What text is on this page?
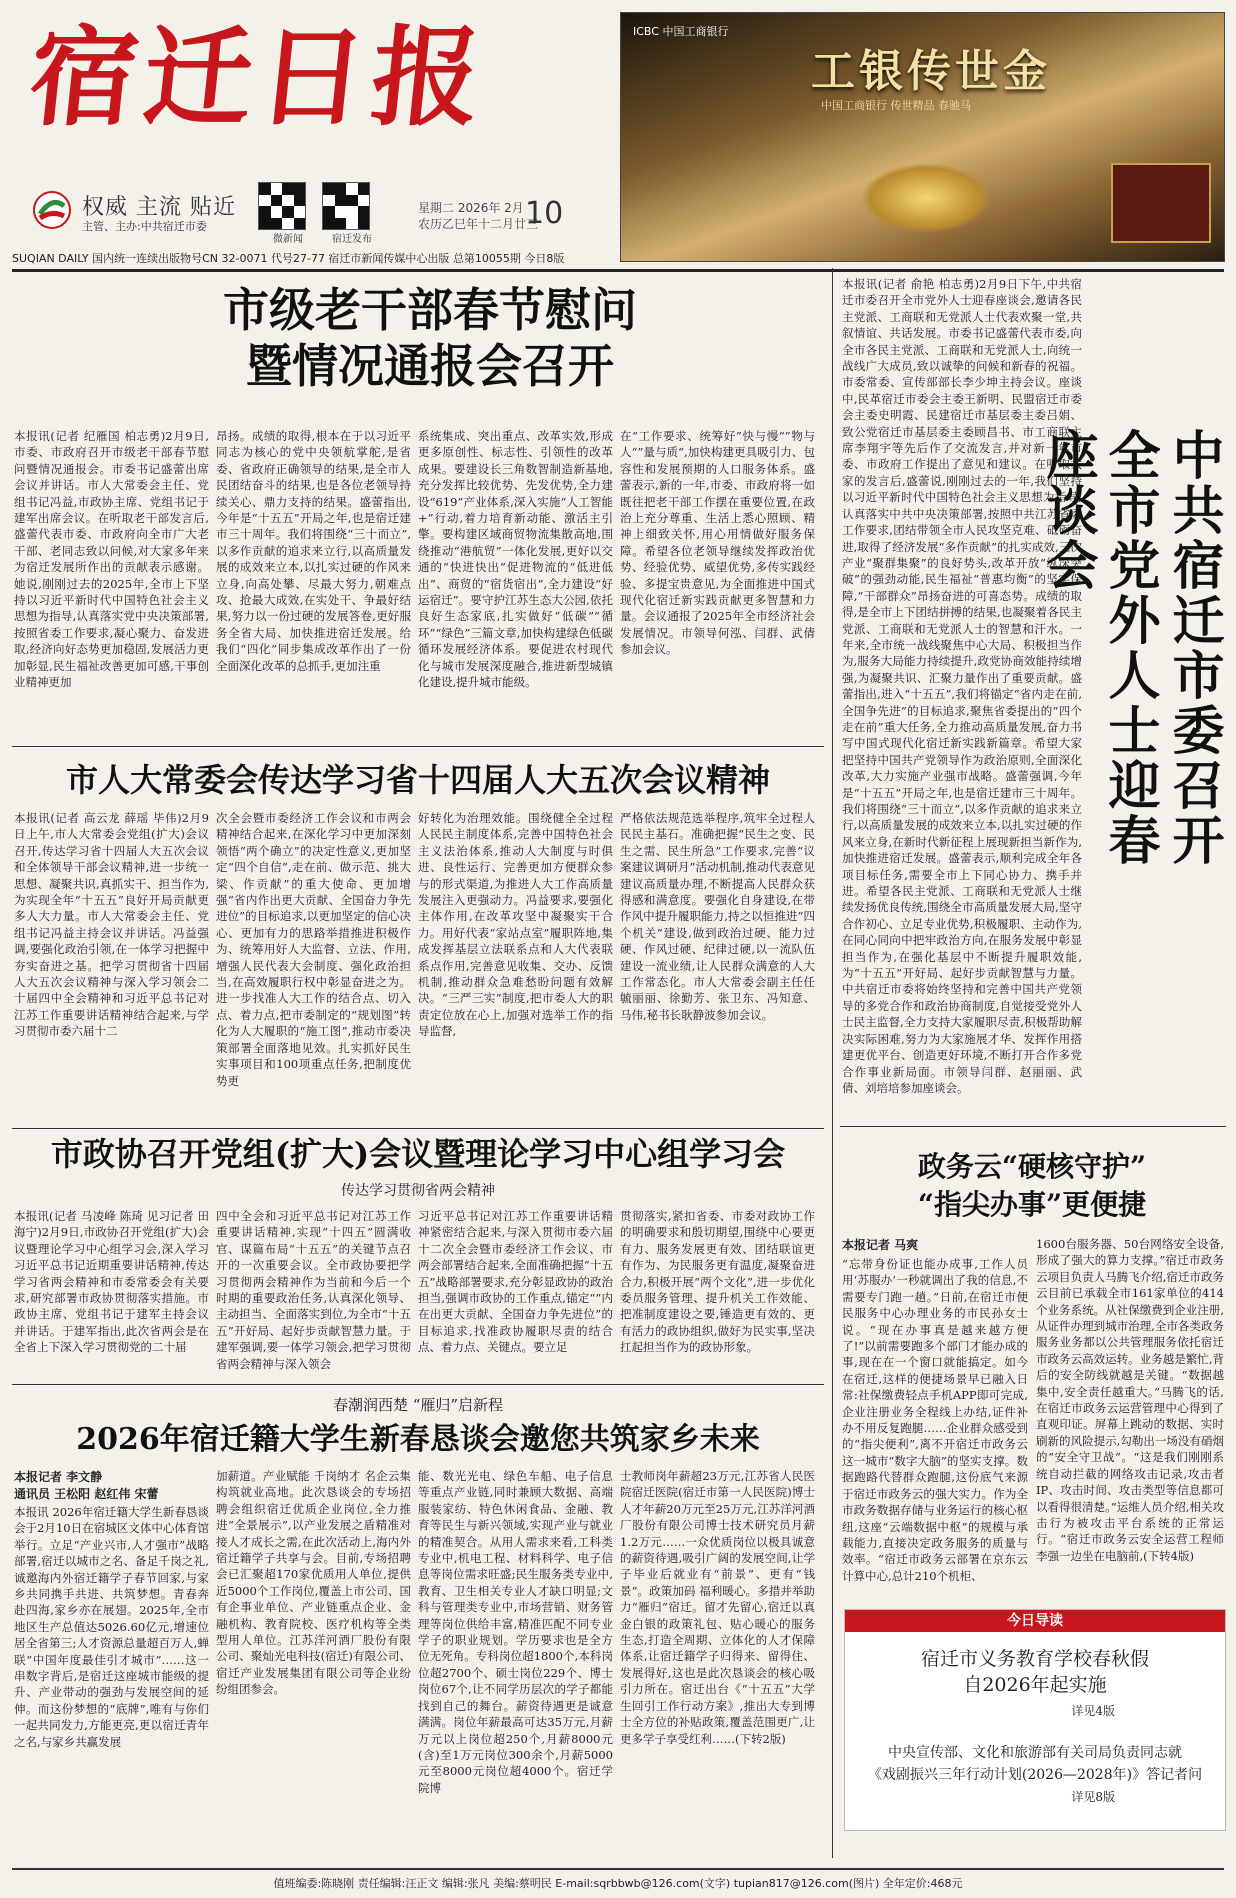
宿迁日报
权威 主流 贴近
主管、主办:中共宿迁市委
微新闻	宿迁发布
星期二 2026年 2月
农历乙巳年十二月廿三
10
ICBC 中国工商银行
工银传世金
中国工商银行 传世精品 春驰马
SUQIAN DAILY 国内统一连续出版物号CN 32-0071 代号27-77 宿迁市新闻传媒中心出版 总第10055期 今日8版
市级老干部春节慰问
暨情况通报会召开
本报讯(记者 纪雁国 柏志勇)2月9日,市委、市政府召开市级老干部春节慰问暨情况通报会。市委书记盛蕾出席会议并讲话。市人大常委会主任、党组书记冯益,市政协主席、党组书记于建军出席会议。在听取老干部发言后,盛蕾代表市委、市政府向全市广大老干部、老同志致以问候,对大家多年来为宿迁发展所作出的贡献表示感谢。她说,刚刚过去的2025年,全市上下坚持以习近平新时代中国特色社会主义思想为指导,认真落实党中央决策部署,按照省委工作要求,凝心聚力、奋发进取,经济向好态势更加稳固,发展活力更加彰显,民生福祉改善更加可感,干事创业精神更加
昂扬。成绩的取得,根本在于以习近平同志为核心的党中央领航掌舵,是省委、省政府正确领导的结果,是全市人民团结奋斗的结果,也是各位老领导持续关心、鼎力支持的结果。盛蕾指出,今年是“十五五”开局之年,也是宿迁建市三十周年。我们将围绕“三十而立”,以多作贡献的追求来立行,以高质量发展的成效来立本,以扎实过硬的作风来立身,向高处攀、尽最大努力,朝难点攻、抢最大成效,在实处干、争最好结果,努力以一份过硬的发展答卷,更好服务全省大局、加快推进宿迁发展。给我们“四化”同步集成改革作出了一份全面深化改革的总抓手,更加注重
系统集成、突出重点、改革实效,形成更多原创性、标志性、引领性的改革成果。要建设长三角数智制造新基地,充分发挥比较优势、先发优势,全力建设“619”产业体系,深入实施“人工智能+”行动,着力培育新动能、激活主引擎。要构建区域商贸物流集散高地,围绕推动“港航贸”一体化发展,更好以交通的“快进快出”促进物流的“低进低出”、商贸的“宿货宿出”,全力建设“好运宿迁”。要守护江苏生态大公园,依托良好生态家底,扎实做好“低碳”“循环”“绿色”三篇文章,加快构建绿色低碳循环发展经济体系。要促进农村现代化与城市发展深度融合,推进新型城镇化建设,提升城市能级。
在“工作要求、统筹好”快与慢“”物与人“”量与质“,加快构建更具吸引力、包容性和发展预期的人口服务体系。盛蕾表示,新的一年,市委、市政府将一如既往把老干部工作摆在重要位置,在政治上充分尊重、生活上悉心照顾、精神上细致关怀,用心用情做好服务保障。希望各位老领导继续发挥政治优势、经验优势、威望优势,多传实践经验、多提宝贵意见,为全面推进中国式现代化宿迁新实践贡献更多智慧和力量。会议通报了2025年全市经济社会发展情况。市领导何泓、闫群、武倩参加会议。
市人大常委会传达学习省十四届人大五次会议精神
本报讯(记者 高云龙 薛瑶 毕伟)2月9日上午,市人大常委会党组(扩大)会议召开,传达学习省十四届人大五次会议和全体领导干部会议精神,进一步统一思想、凝聚共识,真抓实干、担当作为,为实现全年“十五五”良好开局贡献更多人大力量。市人大常委会主任、党组书记冯益主持会议并讲话。冯益强调,要强化政治引领,在一体学习把握中夯实奋进之基。把学习贯彻省十四届人大五次会议精神与深入学习领会二十届四中全会精神和习近平总书记对江苏工作重要讲话精神结合起来,与学习贯彻市委六届十二
次全会暨市委经济工作会议和市两会精神结合起来,在深化学习中更加深刻领悟“两个确立”的决定性意义,更加坚定“四个自信”,走在前、做示范、挑大梁、作贡献”的重大使命、更加增强“省内作出更大贡献、全国奋力争先进位”的目标追求,以更加坚定的信心决心、更加有力的思路举措推进积极作为、统筹用好人大监督、立法、作用,增强人民代表大会制度、强化政治担当,在高效履职行权中彰显奋进之为。进一步找准人大工作的结合点、切入点、着力点,把市委制定的“规划图”转化为人大履职的“施工图”,推动市委决策部署全面落地见效。扎实抓好民生实事项目和100项重点任务,把制度优势更
好转化为治理效能。围绕健全全过程人民民主制度体系,完善中国特色社会主义法治体系,推动人大制度与时俱进、良性运行、完善更加方便群众参与的形式渠道,为推进人大工作高质量发展注入更强动力。冯益要求,要强化主体作用,在改革攻坚中凝聚实干合力。用好代表“家站点室”履职阵地,集成发挥基层立法联系点和人大代表联系点作用,完善意见收集、交办、反馈机制,推动群众急难愁盼问题有效解决。“三严三实”制度,把市委人大的职责定位放在心上,加强对选举工作的指导监督,
严格依法规范选举程序,筑牢全过程人民民主基石。准确把握“民生之变、民生之需、民生所急”工作要求,完善“议案建议调研月”活动机制,推动代表意见建议高质量办理,不断提高人民群众获得感和满意度。要强化自身建设,在带作风中提升履职能力,持之以恒推进“四个机关”建设,做到政治过硬、能力过硬、作风过硬、纪律过硬,以一流队伍建设一流业绩,让人民群众满意的人大工作常态化。市人大常委会副主任任毓丽丽、徐勤芳、张卫东、冯知意、马伟,秘书长耿静波参加会议。
市政协召开党组(扩大)会议暨理论学习中心组学习会
传达学习贯彻省两会精神
本报讯(记者 马凌峰 陈琦 见习记者 田海宁)2月9日,市政协召开党组(扩大)会议暨理论学习中心组学习会,深入学习习近平总书记近期重要讲话精神,传达学习省两会精神和市委常委会有关要求,研究部署市政协贯彻落实措施。市政协主席、党组书记于建军主持会议并讲话。于建军指出,此次省两会是在全省上下深入学习贯彻党的二十届
四中全会和习近平总书记对江苏工作重要讲话精神,实现“十四五”圆满收官、谋篇布局“十五五”的关键节点召开的一次重要会议。全市政协要把学习贯彻两会精神作为当前和今后一个时期的重要政治任务,认真深化领导、主动担当、全面落实到位,为全市“十五五”开好局、起好步贡献智慧力量。于建军强调,要一体学习领会,把学习贯彻省两会精神与深入领会
习近平总书记对江苏工作重要讲话精神紧密结合起来,与深入贯彻市委六届十二次全会暨市委经济工作会议、市两会部署结合起来,全面准确把握“十五五”战略部署要求,充分彰显政协的政治担当,强调市政协的工作重点,锚定“”内在出更大贡献、全国奋力争先进位”的目标追求,找准政协履职尽责的结合点、着力点、关键点。要立足
贯彻落实,紧扣省委、市委对政协工作的明确要求和殷切期望,围绕中心要更有力、服务发展更有效、团结联谊更有作为、为民服务更有温度,凝聚奋进合力,积极开展“两个文化”,进一步优化委员服务管理、提升机关工作效能、把准制度建设之要,锤造更有效的、更有活力的政协组织,做好为民实事,坚决扛起担当作为的政协形象。
春潮润西楚 “雁归”启新程
2026年宿迁籍大学生新春恳谈会邀您共筑家乡未来
本报记者 李文静
通讯员 王松阳 赵红伟 宋蕾
本报讯 2026年宿迁籍大学生新春恳谈会于2月10日在宿城区文体中心体育馆举行。立足“产业兴市,人才强市”战略部署,宿迁以城市之名、备足千岗之礼,诚邀海内外宿迁籍学子春节回家,与家乡共同携手共进、共筑梦想。青春奔赴四海,家乡亦在展翅。2025年,全市地区生产总值达5026.60亿元,增速位居全省第三;人才资源总量超百万人,蝉联“中国年度最佳引才城市”……这一串数字背后,是宿迁这座城市能级的提升、产业带动的强劲与发展空间的延伸。而这份梦想的“底牌”,唯有与你们一起共同发力,方能更亮,更以宿迁青年之名,与家乡共赢发展
加薪道。产业赋能 千岗纳才 名企云集构筑就业高地。此次恳谈会的专场招聘会组织宿迁优质企业岗位,全力推进“全景展示”,以产业发展之盾精准对接人才成长之需,在此次活动上,海内外宿迁籍学子共享与会。目前,专场招聘会已汇聚超170家优质用人单位,提供近5000个工作岗位,覆盖上市公司、国有企事业单位、产业链重点企业、金融机构、教育院校、医疗机构等全类型用人单位。江苏洋河酒厂股份有限公司、聚灿光电科技(宿迁)有限公司、宿迁产业发展集团有限公司等企业纷纷组团参会。
能、数光光电、绿色车船、电子信息等重点产业链,同时兼顾大数据、高端服装家纺、特色休闲食品、金融、教育等民生与新兴领域,实现产业与就业的精准契合。从用人需求来看,工科类专业中,机电工程、材料科学、电子信息等岗位需求旺盛;民生服务类专业中,教育、卫生相关专业人才缺口明显;文科与管理类专业中,市场营销、财务管理等岗位供给丰富,精准匹配不同专业学子的职业规划。学历要求也是全方位无死角。专科岗位超1800个,本科岗位超2700个、硕士岗位229个、博士岗位67个,让不同学历层次的学子都能找到自己的舞台。薪资待遇更是诚意满满。岗位年薪最高可达35万元,月薪万元以上岗位超250个,月薪8000元(含)至1万元岗位300余个,月薪5000元至8000元岗位超4000个。宿迁学院博
士教师岗年薪超23万元,江苏省人民医院宿迁医院(宿迁市第一人民医院)博士人才年薪20万元至25万元,江苏洋河酒厂股份有限公司博士技术研究员月薪1.2万元……一众优质岗位以极具诚意的薪资待遇,吸引广阔的发展空间,让学子毕业后就业有“前景”、更有“钱景”。政策加码 福利暖心。多措并举助力“雁归”宿迁。留才先留心,宿迁以真金白银的政策礼包、贴心暖心的服务生态,打造全周期、立体化的人才保障体系,让宿迁籍学子归得来、留得住、发展得好,这也是此次恳谈会的核心吸引力所在。宿迁出台《“十五五”大学生回引工作行动方案》,推出大专到博士全方位的补贴政策,覆盖范围更广,让更多学子享受红利……(下转2版)
本报讯(记者 俞艳 柏志勇)2月9日下午,中共宿迁市委召开全市党外人士迎春座谈会,邀请各民主党派、工商联和无党派人士代表欢聚一堂,共叙情谊、共话发展。市委书记盛蕾代表市委,向全市各民主党派、工商联和无党派人士,向统一战线广大成员,致以诚挚的问候和新春的祝福。市委常委、宣传部部长李少坤主持会议。座谈中,民革宿迁市委会主委王新明、民盟宿迁市委会主委史明霞、民建宿迁市基层委主委吕娟、致公党宿迁市基层委主委顾昌书、市工商联主席李翔宇等先后作了交流发言,并对新一年市委、市政府工作提出了意见和建议。在听取大家的发言后,盛蕾说,刚刚过去的一年,我们坚持以习近平新时代中国特色社会主义思想为指导,认真落实中共中央决策部署,按照中共江苏省委工作要求,团结带领全市人民攻坚克难、砥砺奋进,取得了经济发展“多作贡献”的扎实成效,三次产业“聚群集聚”的良好势头,改革开放“纵深突破”的强劲动能,民生福祉“普惠均衡”的坚实保障,“干部群众”昂扬奋进的可喜态势。成绩的取得,是全市上下团结拼搏的结果,也凝聚着各民主党派、工商联和无党派人士的智慧和汗水。一年来,全市统一战线聚焦中心大局、积极担当作为,服务大局能力持续提升,政党协商效能持续增强,为凝聚共识、汇聚力量作出了重要贡献。盛蕾指出,进入“十五五”,我们将锚定“省内走在前,全国争先进”的目标追求,聚焦省委提出的“四个走在前”重大任务,全力推动高质量发展,奋力书写中国式现代化宿迁新实践新篇章。希望大家把坚持中国共产党领导作为政治原则,全面深化改革,大力实施产业强市战略。盛蕾强调,今年是“十五五”开局之年,也是宿迁建市三十周年。我们将围绕“三十而立”,以多作贡献的追求来立行,以高质量发展的成效来立本,以扎实过硬的作风来立身,在新时代新征程上展现新担当新作为,加快推进宿迁发展。盛蕾表示,顺利完成全年各项目标任务,需要全市上下同心协力、携手并进。希望各民主党派、工商联和无党派人士继续发扬优良传统,围绕全市高质量发展大局,坚守合作初心、立足专业优势,积极履职、主动作为,在同心同向中把牢政治方向,在服务发展中彰显担当作为,在强化基层中不断提升履职效能,为“十五五”开好局、起好步贡献智慧与力量。中共宿迁市委将始终坚持和完善中国共产党领导的多党合作和政治协商制度,自觉接受党外人士民主监督,全力支持大家履职尽责,积极帮助解决实际困难,努力为大家施展才华、发挥作用搭建更优平台、创造更好环境,不断打开合作多党合作事业新局面。市领导闫群、赵丽丽、武倩、刘培培参加座谈会。
中共宿迁市委召开
全市党外人士迎春座谈会
政务云“硬核守护”
“指尖办事”更便捷
本报记者 马爽
“忘带身份证也能办成事,工作人员用‘苏服办’一秒就调出了我的信息,不需要专门跑一趟。”日前,在宿迁市便民服务中心办理业务的市民孙女士说。“现在办事真是越来越方便了!”以前需要跑多个部门才能办成的事,现在在一个窗口就能搞定。如今在宿迁,这样的便捷场景早已融入日常:社保缴费轻点手机APP即可完成,企业注册业务全程线上办结,证件补办不用反复跑腿……企业群众感受到的“指尖便利”,离不开宿迁市政务云这一城市“数字大脑”的坚实支撑。数据跑路代替群众跑腿,这份底气来源于宿迁市政务云的强大实力。作为全市政务数据存储与业务运行的核心枢纽,这座“云端数据中枢”的规模与承载能力,直接决定政务服务的质量与效率。“宿迁市政务云部署在京东云计算中心,总计210个机柜、
1600台服务器、50台网络安全设备,形成了强大的算力支撑。”宿迁市政务云项目负责人马腾飞介绍,宿迁市政务云目前已承载全市161家单位的414个业务系统。从社保缴费到企业注册,从证件办理到城市治理,全市各类政务服务业务都以公共管理服务依托宿迁市政务云高效运转。业务越是繁忙,背后的安全防线就越是关键。“数据越集中,安全责任越重大。”马腾飞的话,在宿迁市政务云运营管理中心得到了直观印证。屏幕上跳动的数据、实时刷新的风险提示,勾勒出一场没有硝烟的“安全守卫战”。“这是我们刚刚系统自动拦截的网络攻击记录,攻击者IP、攻击时间、攻击类型等信息都可以看得很清楚。”运维人员介绍,相关攻击行为被攻击平台系统的正常运行。“宿迁市政务云安全运营工程师李强一边坐在电脑前,(下转4版)
今日导读
宿迁市义务教育学校春秋假
自2026年起实施
详见4版
中央宣传部、文化和旅游部有关司局负责同志就
《戏剧振兴三年行动计划(2026—2028年)》答记者问
详见8版
值班编委:陈晓刚 责任编辑:汪正文 编辑:张凡 美编:蔡明民 E-mail:sqrbbwb@126.com(文字) tupian817@126.com(图片) 全年定价:468元
